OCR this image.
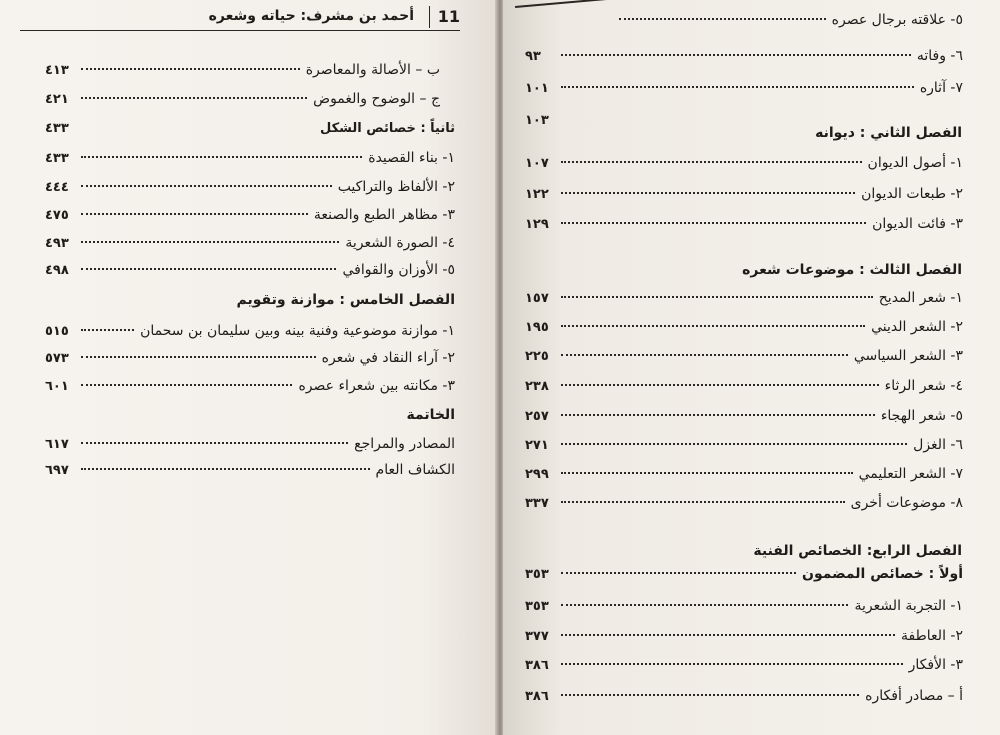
11
أحمد بن مشرف: حياته وشعره
ب – الأصالة والمعاصرة
٤١٣
ج – الوضوح والغموض
٤٢١
ثانياً : خصائص الشكل
٤٣٣
١- بناء القصيدة
٤٣٣
٢- الألفاظ والتراكيب
٤٤٤
٣- مظاهر الطبع والصنعة
٤٧٥
٤- الصورة الشعرية
٤٩٣
٥- الأوزان والقوافي
٤٩٨
الفصل الخامس : موازنة وتقويم
١- موازنة موضوعية وفنية بينه وبين سليمان بن سحمان
٥١٥
٢- آراء النقاد في شعره
٥٧٣
٣- مكانته بين شعراء عصره
٦٠١
الخاتمة
المصادر والمراجع
٦١٧
الكشاف العام
٦٩٧
٥- علاقته برجال عصره
٦- وفاته
٩٣
٧- آثاره
١٠١
١٠٣
الفصل الثاني : ديوانه
١- أصول الديوان
١٠٧
٢- طبعات الديوان
١٢٢
٣- فائت الديوان
١٢٩
الفصل الثالث : موضوعات شعره
١- شعر المديح
١٥٧
٢- الشعر الديني
١٩٥
٣- الشعر السياسي
٢٢٥
٤- شعر الرثاء
٢٣٨
٥- شعر الهجاء
٢٥٧
٦- الغزل
٢٧١
٧- الشعر التعليمي
٢٩٩
٨- موضوعات أخرى
٣٣٧
الفصل الرابع: الخصائص الفنية
أولاً : خصائص المضمون
٣٥٣
١- التجربة الشعرية
٣٥٣
٢- العاطفة
٣٧٧
٣- الأفكار
٣٨٦
أ – مصادر أفكاره
٣٨٦
